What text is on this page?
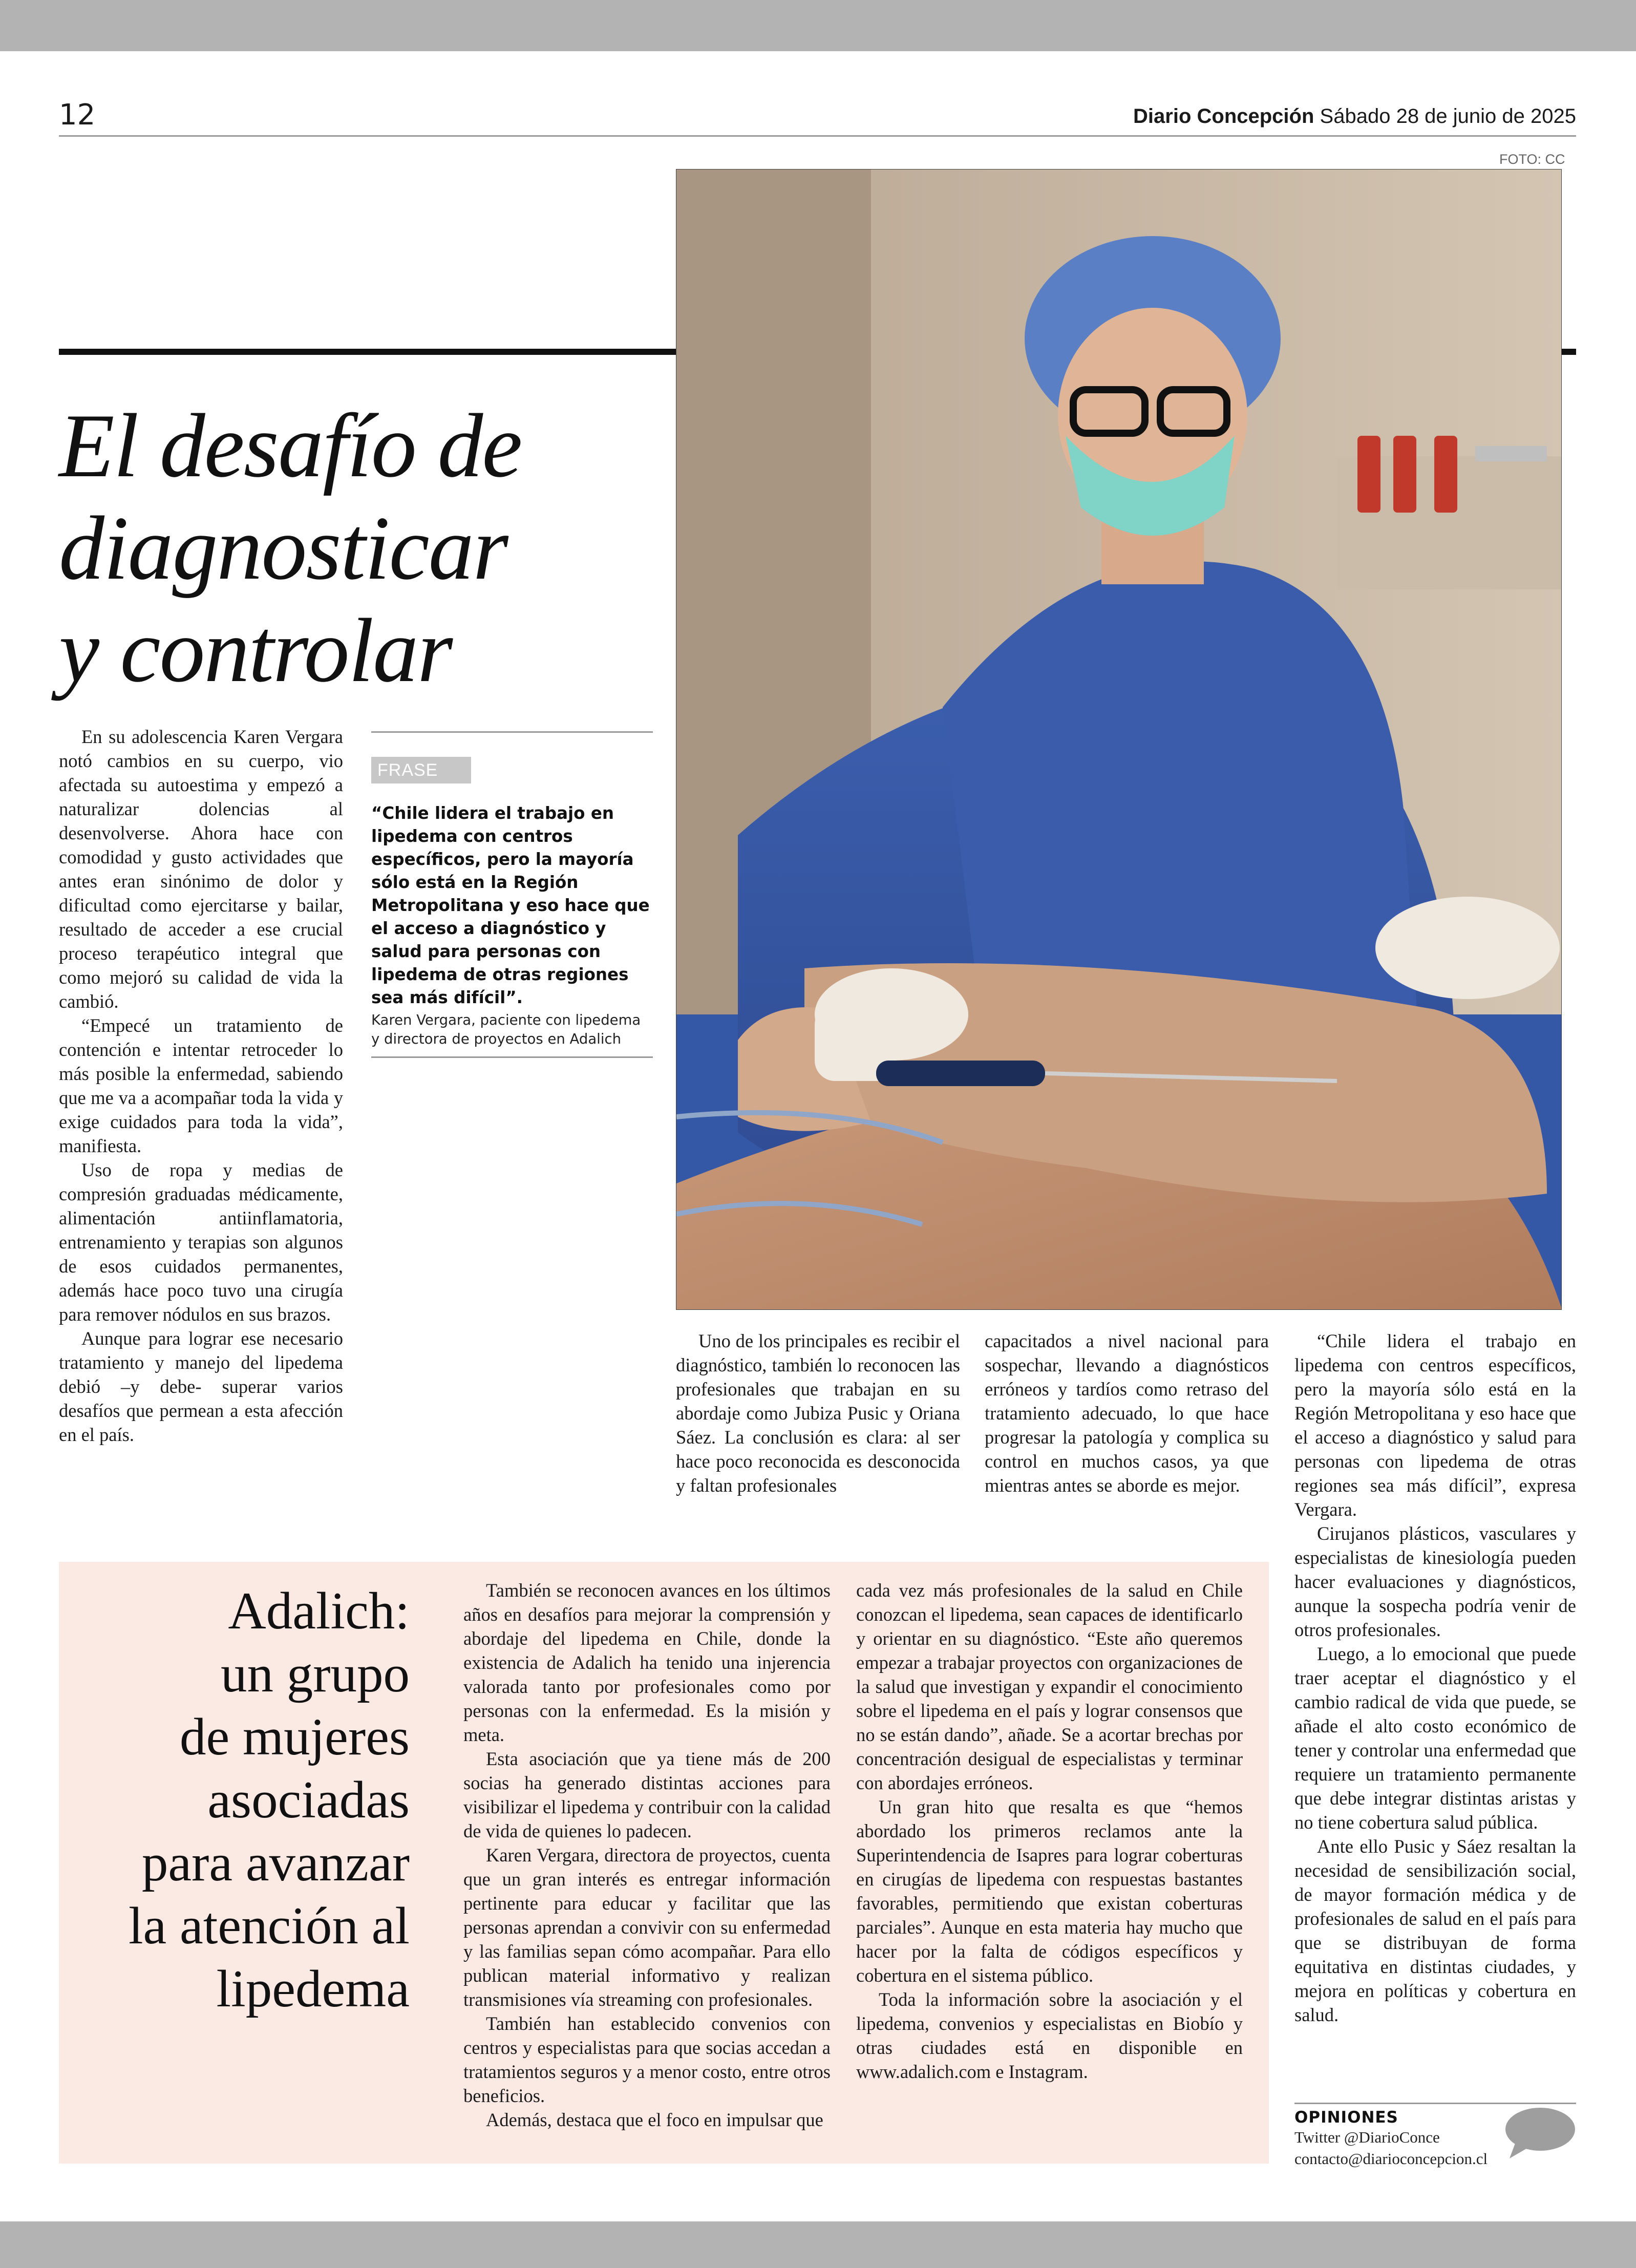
12	Diario Concepción Sábado 28 de junio de 2025
FOTO: CC
El desafío de
diagnosticar
y controlar

En su adolescencia Karen Vergara notó cambios en su cuerpo, vio afectada su autoestima y empezó a naturalizar dolencias al desenvolverse. Ahora hace con comodidad y gusto actividades que antes eran sinónimo de dolor y dificultad como ejercitarse y bailar, resultado de acceder a ese crucial proceso terapéutico integral que como mejoró su calidad de vida la cambió.

“Empecé un tratamiento de contención e intentar retroceder lo más posible la enfermedad, sabiendo que me va a acompañar toda la vida y exige cuidados para toda la vida”, manifiesta.

Uso de ropa y medias de compresión graduadas médicamente, alimentación antiinflamatoria, entrenamiento y terapias son algunos de esos cuidados permanentes, además hace poco tuvo una cirugía para remover nódulos en sus brazos.

Aunque para lograr ese necesario tratamiento y manejo del lipedema debió –y debe- superar varios desafíos que permean a esta afección en el país.

FRASE
“Chile lidera el trabajo en lipedema con centros específicos, pero la mayoría sólo está en la Región Metropolitana y eso hace que el acceso a diagnóstico y salud para personas con lipedema de otras regiones sea más difícil”.
Karen Vergara, paciente con lipedema y directora de proyectos en Adalich

Uno de los principales es recibir el diagnóstico, también lo reconocen las profesionales que trabajan en su abordaje como Jubiza Pusic y Oriana Sáez. La conclusión es clara: al ser hace poco reconocida es desconocida y faltan profesionales

capacitados a nivel nacional para sospechar, llevando a diagnósticos erróneos y tardíos como retraso del tratamiento adecuado, lo que hace progresar la patología y complica su control en muchos casos, ya que mientras antes se aborde es mejor.

“Chile lidera el trabajo en lipedema con centros específicos, pero la mayoría sólo está en la Región Metropolitana y eso hace que el acceso a diagnóstico y salud para personas con lipedema de otras regiones sea más difícil”, expresa Vergara.

Cirujanos plásticos, vasculares y especialistas de kinesiología pueden hacer evaluaciones y diagnósticos, aunque la sospecha podría venir de otros profesionales.

Luego, a lo emocional que puede traer aceptar el diagnóstico y el cambio radical de vida que puede, se añade el alto costo económico de tener y controlar una enfermedad que requiere un tratamiento permanente que debe integrar distintas aristas y no tiene cobertura salud pública.

Ante ello Pusic y Sáez resaltan la necesidad de sensibilización social, de mayor formación médica y de profesionales de salud en el país para que se distribuyan de forma equitativa en distintas ciudades, y mejora en políticas y cobertura en salud.

Adalich:
un grupo
de mujeres
asociadas
para avanzar
la atención al
lipedema

También se reconocen avances en los últimos años en desafíos para mejorar la comprensión y abordaje del lipedema en Chile, donde la existencia de Adalich ha tenido una injerencia valorada tanto por profesionales como por personas con la enfermedad. Es la misión y meta.

Esta asociación que ya tiene más de 200 socias ha generado distintas acciones para visibilizar el lipedema y contribuir con la calidad de vida de quienes lo padecen.

Karen Vergara, directora de proyectos, cuenta que un gran interés es entregar información pertinente para educar y facilitar que las personas aprendan a convivir con su enfermedad y las familias sepan cómo acompañar. Para ello publican material informativo y realizan transmisiones vía streaming con profesionales.

También han establecido convenios con centros y especialistas para que socias accedan a tratamientos seguros y a menor costo, entre otros beneficios.

Además, destaca que el foco en impulsar que

cada vez más profesionales de la salud en Chile conozcan el lipedema, sean capaces de identificarlo y orientar en su diagnóstico. “Este año queremos empezar a trabajar proyectos con organizaciones de la salud que investigan y expandir el conocimiento sobre el lipedema en el país y lograr consensos que no se están dando”, añade. Se a acortar brechas por concentración desigual de especialistas y terminar con abordajes erróneos.

Un gran hito que resalta es que “hemos abordado los primeros reclamos ante la Superintendencia de Isapres para lograr coberturas en cirugías de lipedema con respuestas bastantes favorables, permitiendo que existan coberturas parciales”. Aunque en esta materia hay mucho que hacer por la falta de códigos específicos y cobertura en el sistema público.

Toda la información sobre la asociación y el lipedema, convenios y especialistas en Biobío y otras ciudades está en disponible en www.adalich.com e Instagram.

OPINIONES
Twitter @DiarioConce
contacto@diarioconcepcion.cl
